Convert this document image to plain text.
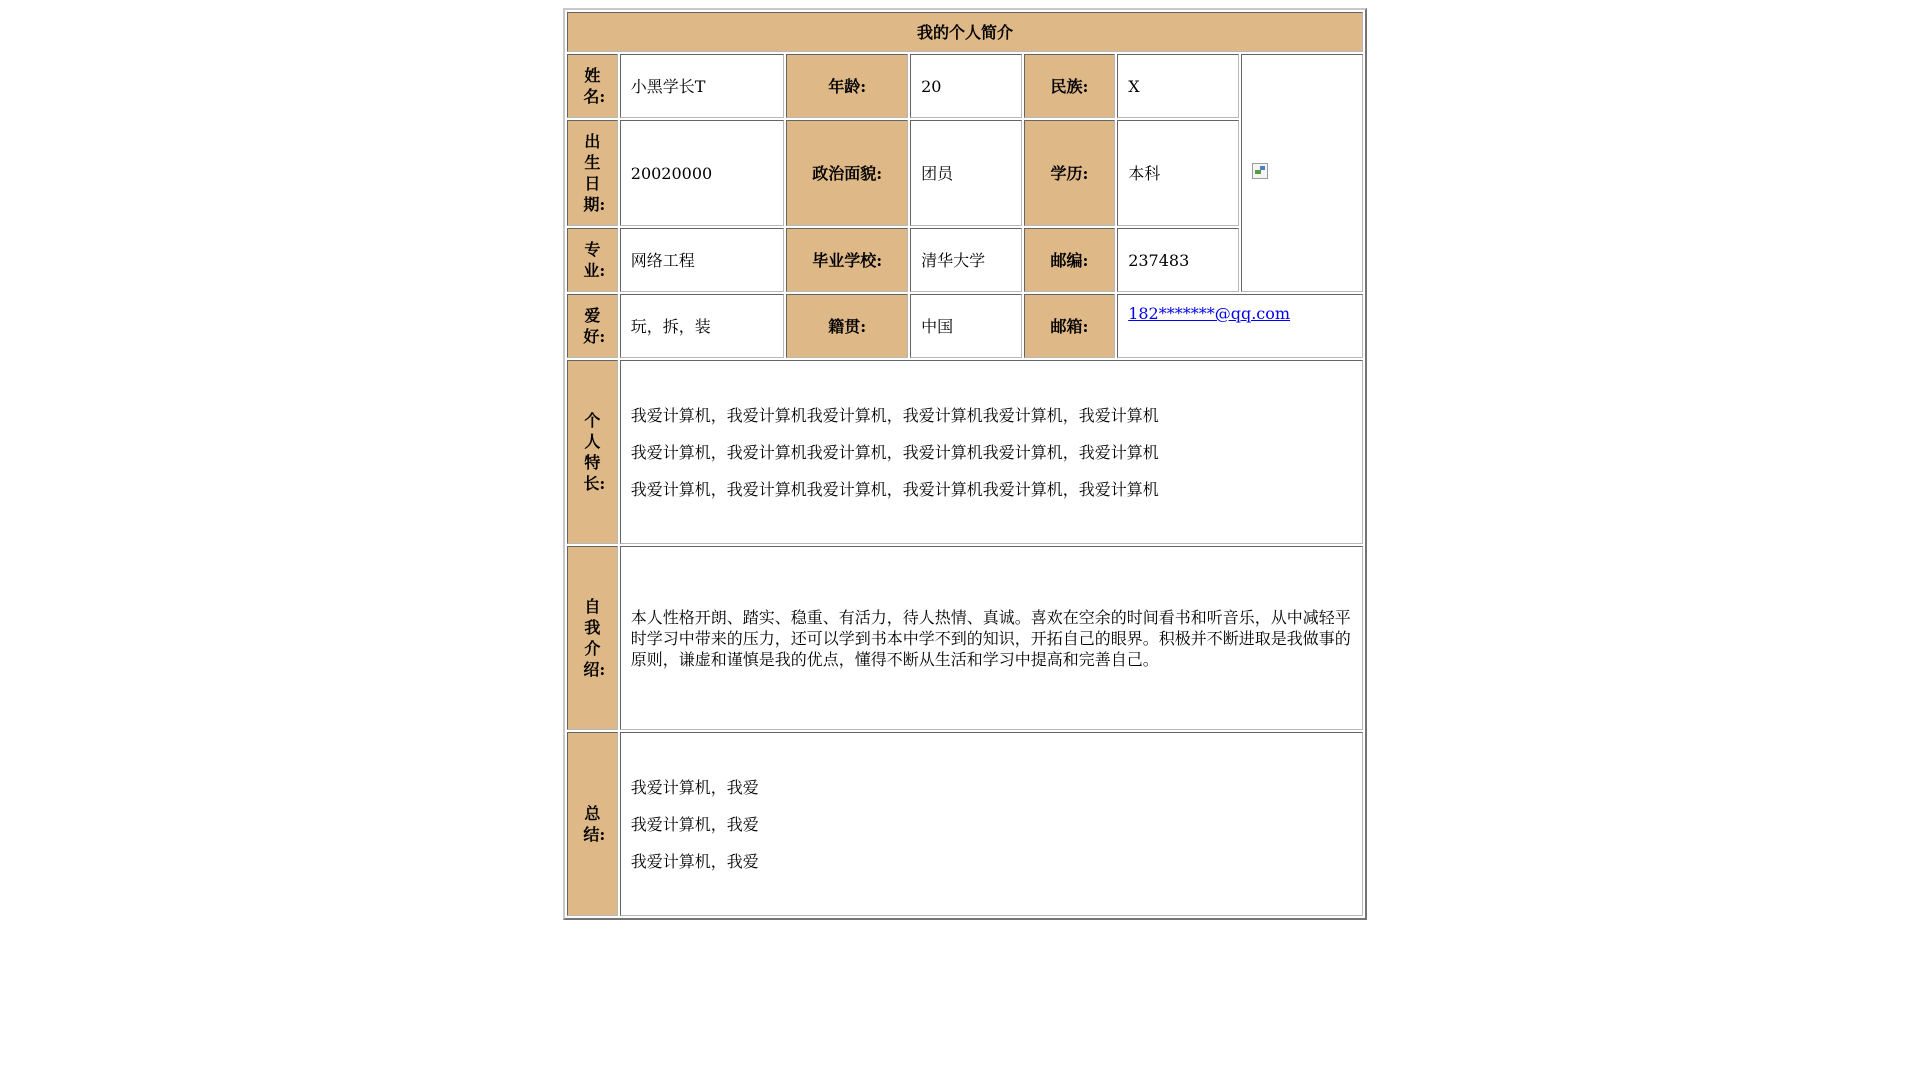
我的个人简介						
姓名:	小黑学长T	年龄:	20	民族:	X	
出生日期:	20020000	政治面貌:	团员	学历:	本科	
专业:	网络工程	毕业学校:	清华大学	邮编:	237483	
爱好:	玩，拆，装	籍贯:	中国	邮箱:	182*******@qq.com	
个人特长:	我爱计算机，我爱计算机我爱计算机，我爱计算机我爱计算机，我爱计算机

我爱计算机，我爱计算机我爱计算机，我爱计算机我爱计算机，我爱计算机

我爱计算机，我爱计算机我爱计算机，我爱计算机我爱计算机，我爱计算机					

自我介绍:	本人性格开朗、踏实、稳重、有活力，待人热情、真诚。喜欢在空余的时间看书和听音乐，从中减轻平时学习中带来的压力，还可以学到书本中学不到的知识，开拓自己的眼界。积极并不断进取是我做事的原则，谦虚和谨慎是我的优点，懂得不断从生活和学习中提高和完善自己。					
总结:	我爱计算机，我爱

我爱计算机，我爱

我爱计算机，我爱					
